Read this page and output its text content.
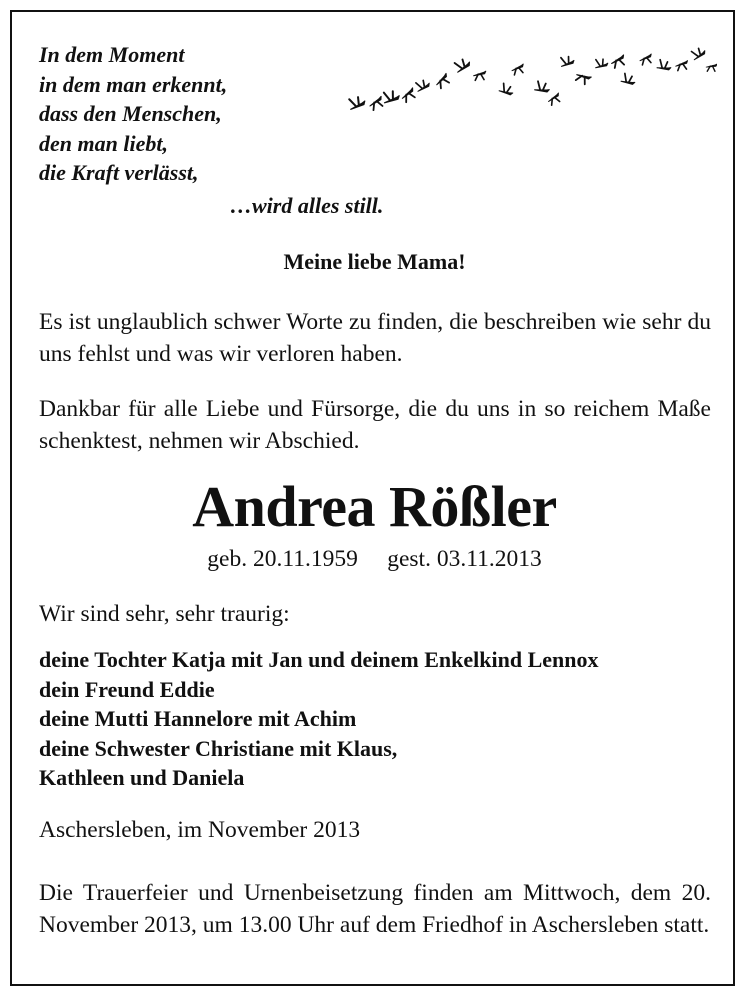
In dem Moment
in dem man erkennt,
dass den Menschen,
den man liebt,
die Kraft verlässt,
…wird alles still.
Meine liebe Mama!
Es ist unglaublich schwer Worte zu finden, die beschreiben wie sehr du uns fehlst und was wir verloren haben.
Dankbar für alle Liebe und Fürsorge, die du uns in so reichem Maße schenktest, nehmen wir Abschied.
Andrea Rößler
geb. 20.11.1959 gest. 03.11.2013
Wir sind sehr, sehr traurig:
deine Tochter Katja mit Jan und deinem Enkelkind Lennox
dein Freund Eddie
deine Mutti Hannelore mit Achim
deine Schwester Christiane mit Klaus,
Kathleen und Daniela
Aschersleben, im November 2013
Die Trauerfeier und Urnenbeisetzung finden am Mittwoch, dem 20. November 2013, um 13.00 Uhr auf dem Friedhof in Aschersleben statt.
